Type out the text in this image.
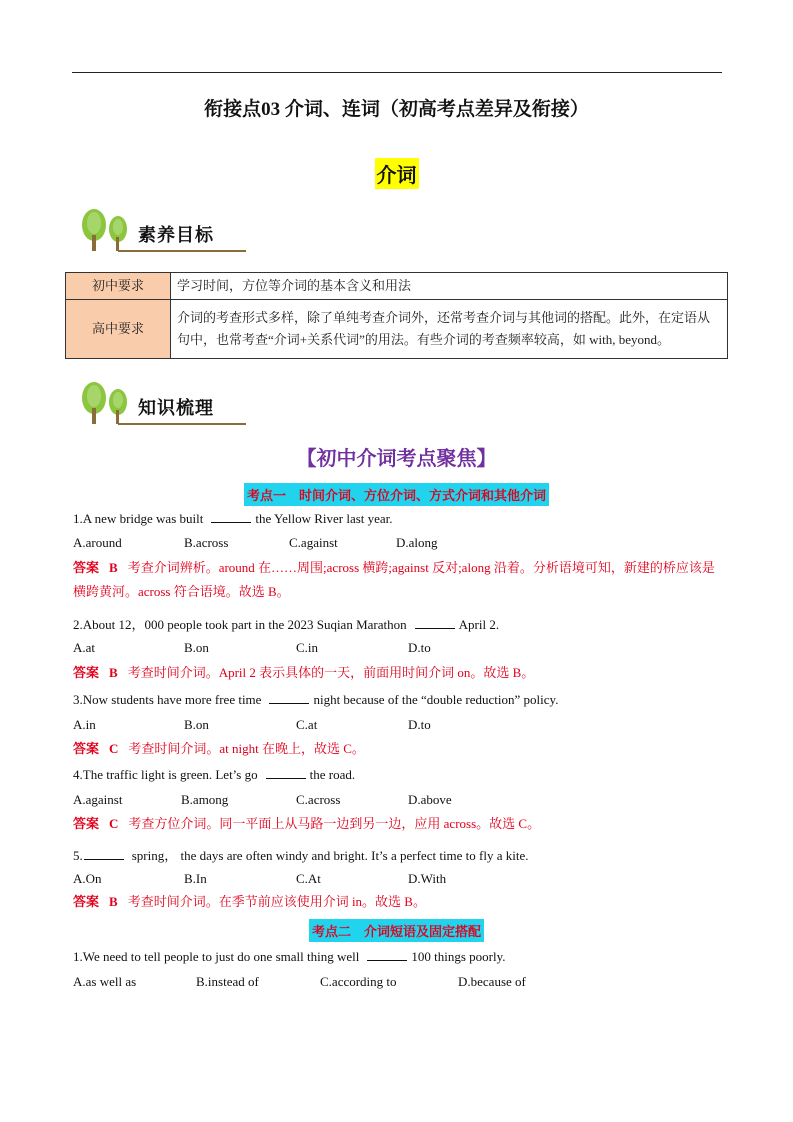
衔接点03 介词、连词（初高考点差异及衔接）
介词
素养目标
初中要求	学习时间，方位等介词的基本含义和用法
高中要求	介词的考查形式多样，除了单纯考查介词外，还常考查介词与其他词的搭配。此外，在定语从句中，也常考查“介词+关系代词”的用法。有些介词的考查频率较高，如 with, beyond。
知识梳理
【初中介词考点聚焦】
考点一　时间介词、方位介词、方式介词和其他介词
1.A new bridge was built	the Yellow River last year.
A.around	B.across	C.against	D.along
答案 B 考查介词辨析。around 在……周围;across 横跨;against 反对;along 沿着。分析语境可知，新建的桥应该是横跨黄河。across 符合语境。故选 B。
2.About 12，000 people took part in the 2023 Suqian Marathon	April 2.
A.at	B.on	C.in	D.to
答案 B 考查时间介词。April 2 表示具体的一天，前面用时间介词 on。故选 B。
3.Now students have more free time	night because of the “double reduction” policy.
A.in	B.on	C.at	D.to
答案 C 考查时间介词。at night 在晚上，故选 C。
4.The traffic light is green. Let’s go	the road.
A.against	B.among	C.across	D.above
答案 C 考查方位介词。同一平面上从马路一边到另一边，应用 across。故选 C。
5.	spring， the days are often windy and bright. It’s a perfect time to fly a kite.
A.On	B.In	C.At	D.With
答案 B 考查时间介词。在季节前应该使用介词 in。故选 B。
考点二　介词短语及固定搭配
1.We need to tell people to just do one small thing well	100 things poorly.
A.as well as	B.instead of	C.according to	D.because of
